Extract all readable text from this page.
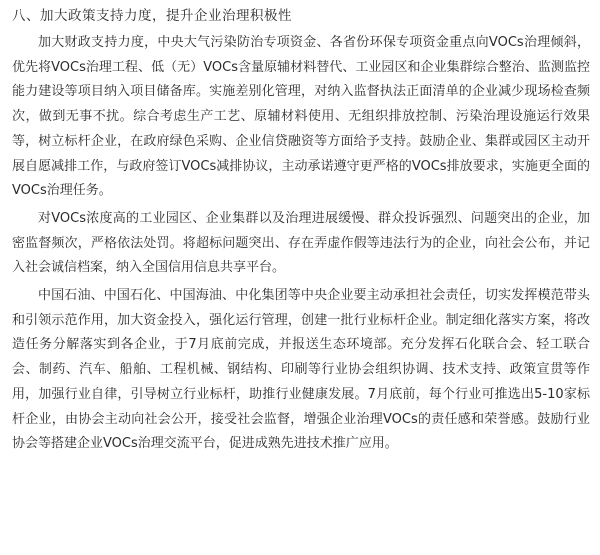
八、加大政策支持力度，提升企业治理积极性

加大财政支持力度，中央大气污染防治专项资金、各省份环保专项资金重点向VOCs治理倾斜，优先将VOCs治理工程、低（无）VOCs含量原辅材料替代、工业园区和企业集群综合整治、监测监控能力建设等项目纳入项目储备库。实施差别化管理，对纳入监督执法正面清单的企业减少现场检查频次，做到无事不扰。综合考虑生产工艺、原辅材料使用、无组织排放控制、污染治理设施运行效果等，树立标杆企业，在政府绿色采购、企业信贷融资等方面给予支持。鼓励企业、集群或园区主动开展自愿减排工作，与政府签订VOCs减排协议，主动承诺遵守更严格的VOCs排放要求，实施更全面的VOCs治理任务。

对VOCs浓度高的工业园区、企业集群以及治理进展缓慢、群众投诉强烈、问题突出的企业，加密监督频次，严格依法处罚。将超标问题突出、存在弄虚作假等违法行为的企业，向社会公布，并记入社会诚信档案，纳入全国信用信息共享平台。

中国石油、中国石化、中国海油、中化集团等中央企业要主动承担社会责任，切实发挥模范带头和引领示范作用，加大资金投入，强化运行管理，创建一批行业标杆企业。制定细化落实方案，将改造任务分解落实到各企业，于7月底前完成，并报送生态环境部。充分发挥石化联合会、轻工联合会、制药、汽车、船舶、工程机械、钢结构、印刷等行业协会组织协调、技术支持、政策宣贯等作用，加强行业自律，引导树立行业标杆，助推行业健康发展。7月底前，每个行业可推选出5-10家标杆企业，由协会主动向社会公开，接受社会监督，增强企业治理VOCs的责任感和荣誉感。鼓励行业协会等搭建企业VOCs治理交流平台，促进成熟先进技术推广应用。
